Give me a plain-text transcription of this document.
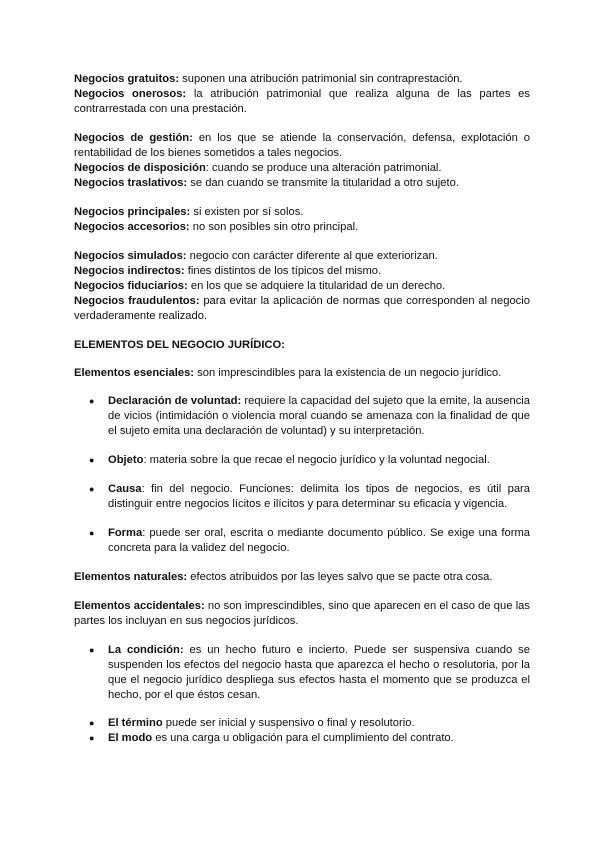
Negocios gratuitos: suponen una atribución patrimonial sin contraprestación.

Negocios onerosos: la atribución patrimonial que realiza alguna de las partes es contrarrestada con una prestación.

Negocios de gestión: en los que se atiende la conservación, defensa, explotación o rentabilidad de los bienes sometidos a tales negocios.

Negocios de disposición: cuando se produce una alteración patrimonial.

Negocios traslativos: se dan cuando se transmite la titularidad a otro sujeto.

Negocios principales: si existen por sí solos.

Negocios accesorios: no son posibles sin otro principal.

Negocios simulados: negocio con carácter diferente al que exteriorizan.

Negocios indirectos: fines distintos de los típicos del mismo.

Negocios fiduciarios: en los que se adquiere la titularidad de un derecho.

Negocios fraudulentos: para evitar la aplicación de normas que corresponden al negocio verdaderamente realizado.

ELEMENTOS DEL NEGOCIO JURÍDICO:

Elementos esenciales: son imprescindibles para la existencia de un negocio jurídico.

● Declaración de voluntad: requiere la capacidad del sujeto que la emite, la ausencia de vicios (intimidación o violencia moral cuando se amenaza con la finalidad de que el sujeto emita una declaración de voluntad) y su interpretación.
● Objeto: materia sobre la que recae el negocio jurídico y la voluntad negocial.
● Causa: fin del negocio. Funciones: delimita los tipos de negocios, es útil para distinguir entre negocios lícitos e ilícitos y para determinar su eficacia y vigencia.
● Forma: puede ser oral, escrita o mediante documento público. Se exige una forma concreta para la validez del negocio.

Elementos naturales: efectos atribuidos por las leyes salvo que se pacte otra cosa.

Elementos accidentales: no son imprescindibles, sino que aparecen en el caso de que las partes los incluyan en sus negocios jurídicos.

● La condición: es un hecho futuro e incierto. Puede ser suspensiva cuando se suspenden los efectos del negocio hasta que aparezca el hecho o resolutoria, por la que el negocio jurídico despliega sus efectos hasta el momento que se produzca el hecho, por el que éstos cesan.
● El término puede ser inicial y suspensivo o final y resolutorio.
● El modo es una carga u obligación para el cumplimiento del contrato.
